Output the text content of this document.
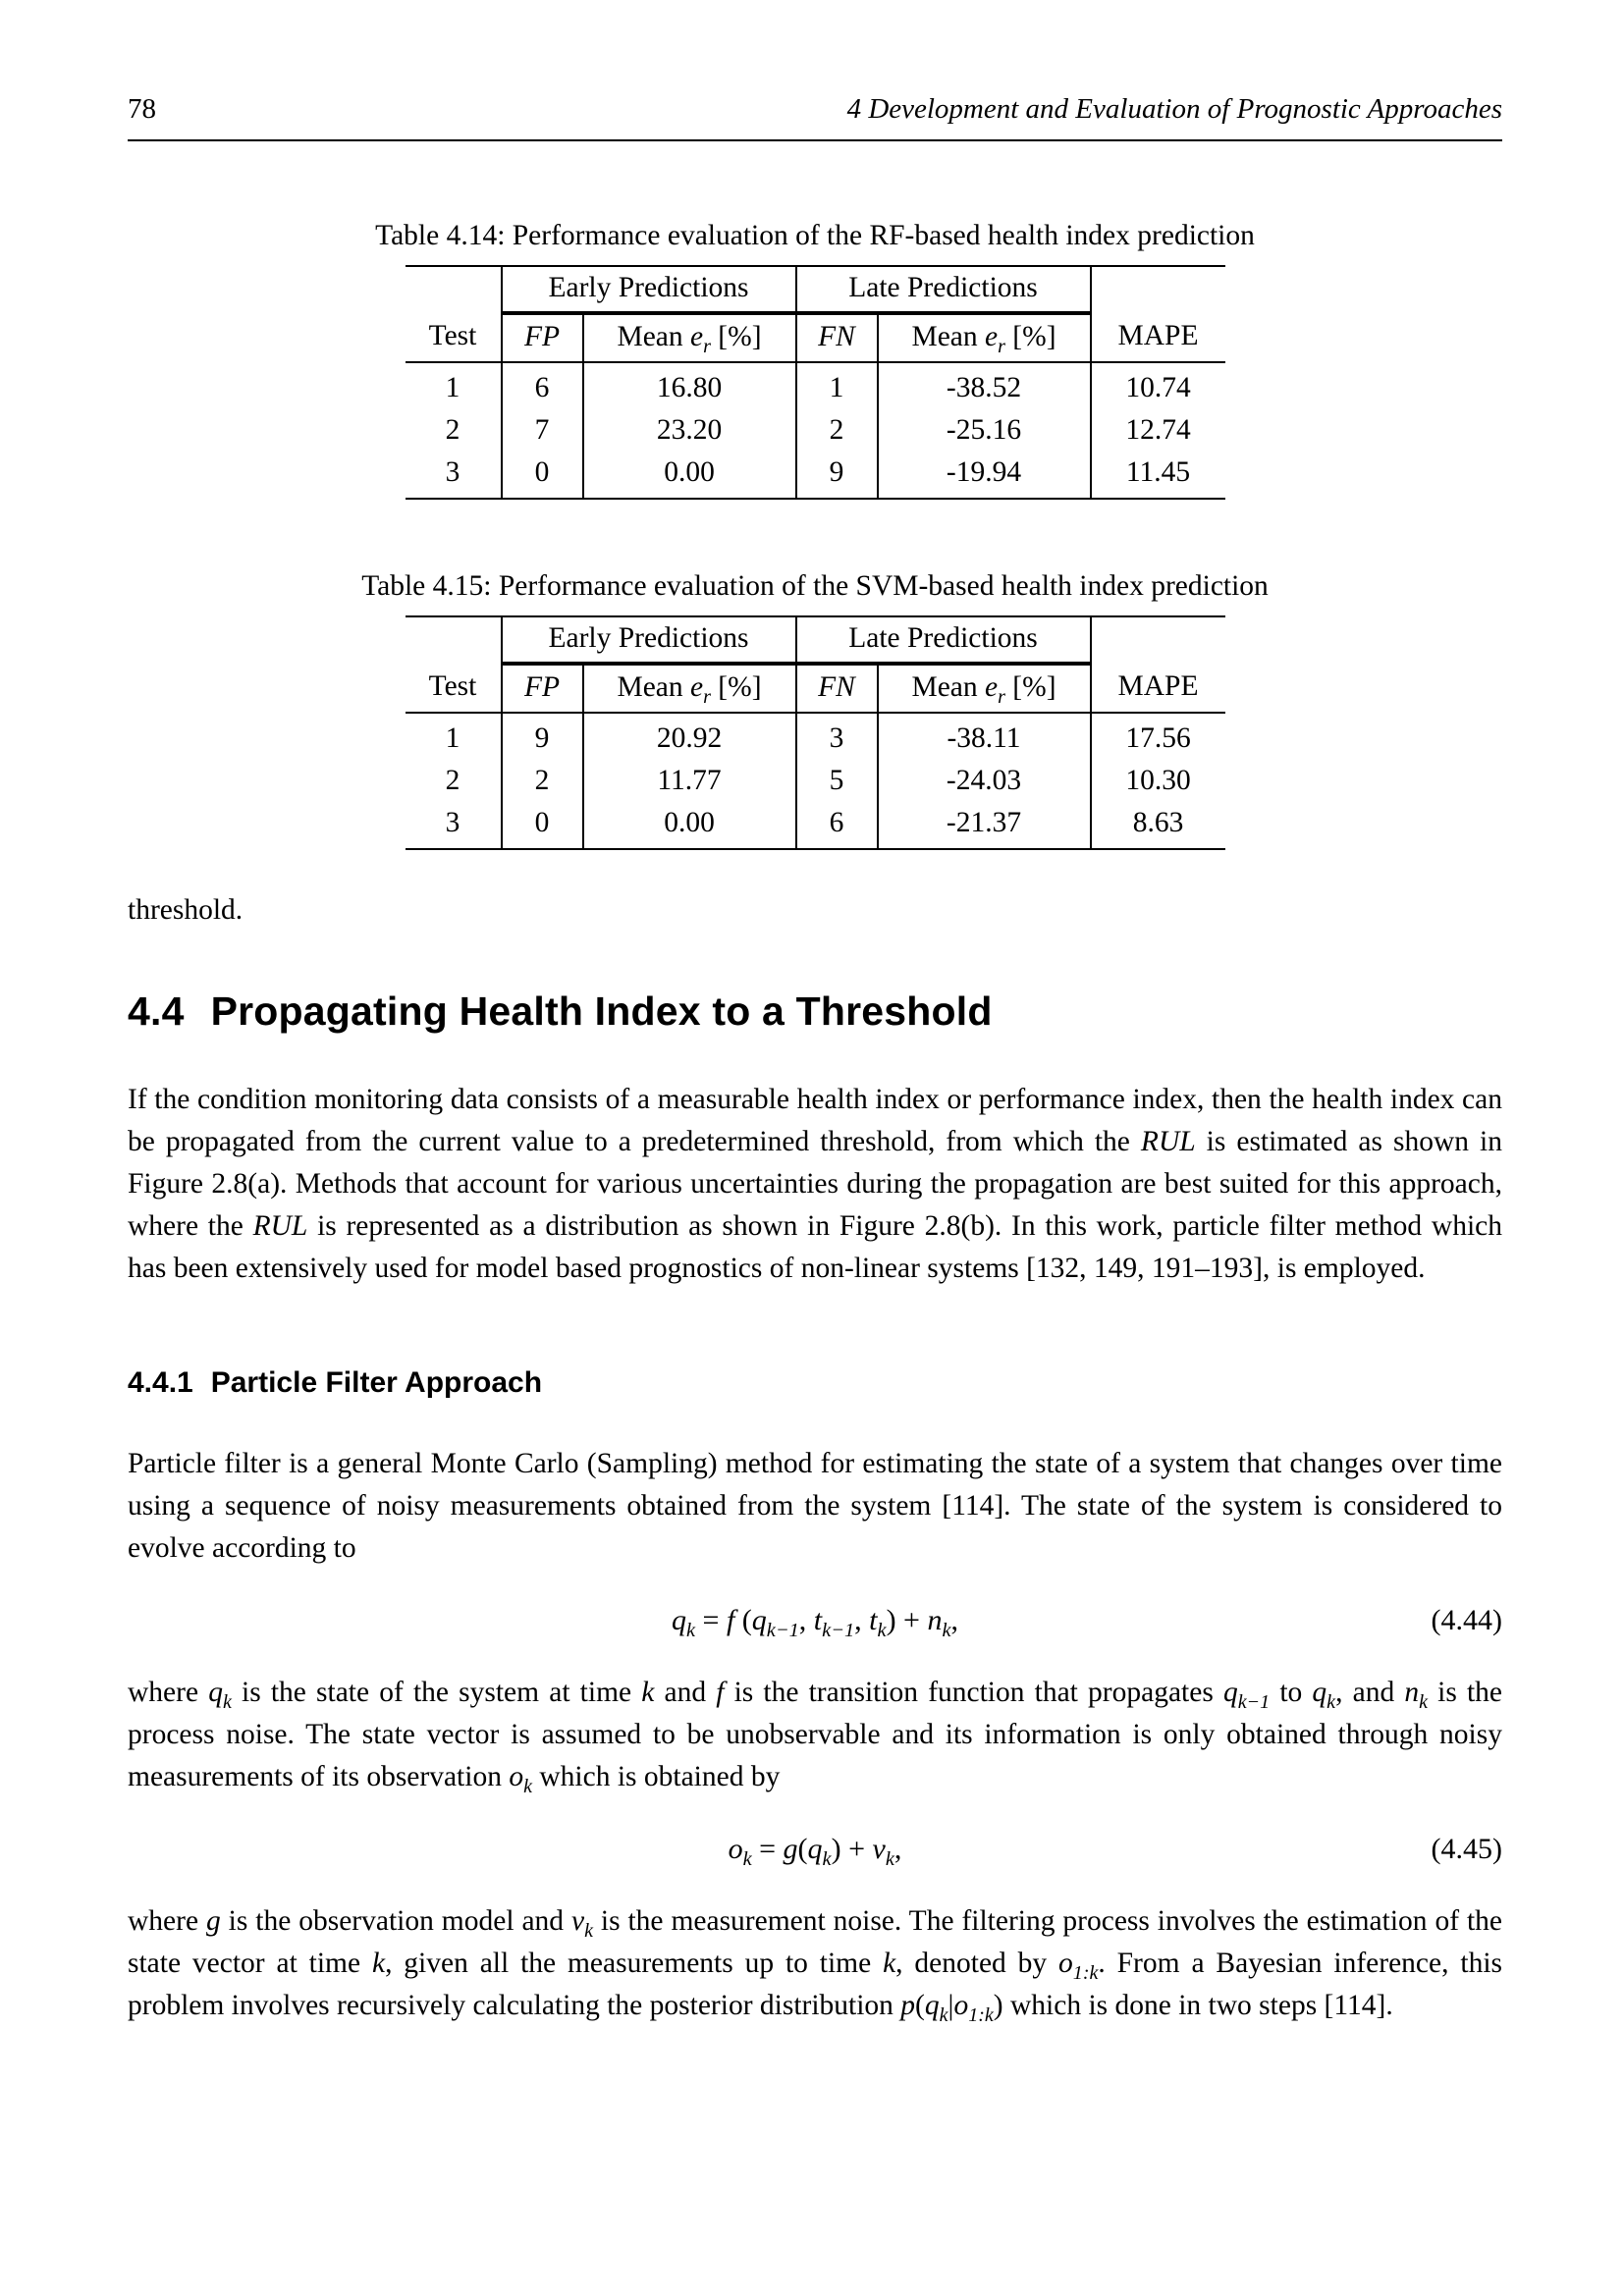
78	4 Development and Evaluation of Prognostic Approaches
Table 4.14: Performance evaluation of the RF-based health index prediction
	Early Predictions		Late Predictions		
Test	FP	Mean $e_r$ [%]	FN	Mean $e_r$ [%]	MAPE
1	6	16.80	1	-38.52	10.74
2	7	23.20	2	-25.16	12.74
3	0	0.00	9	-19.94	11.45
Table 4.15: Performance evaluation of the SVM-based health index prediction
	Early Predictions		Late Predictions		
Test	FP	Mean $e_r$ [%]	FN	Mean $e_r$ [%]	MAPE
1	9	20.92	3	-38.11	17.56
2	2	11.77	5	-24.03	10.30
3	0	0.00	6	-21.37	8.63

threshold.

4.4 Propagating Health Index to a Threshold

If the condition monitoring data consists of a measurable health index or performance index, then the health index can be propagated from the current value to a predetermined threshold, from which the RUL is estimated as shown in Figure 2.8(a). Methods that account for various uncertainties during the propagation are best suited for this approach, where the RUL is represented as a distribution as shown in Figure 2.8(b). In this work, particle filter method which has been extensively used for model based prognostics of non-linear systems [132, 149, 191–193], is employed.

4.4.1 Particle Filter Approach

Particle filter is a general Monte Carlo (Sampling) method for estimating the state of a system that changes over time using a sequence of noisy measurements obtained from the system [114]. The state of the system is considered to evolve according to

$q_k = f$ ($q_{k-1}$, $t_{k-1}$, $t_k) + n_k$,	(4.44)

where $q_k$ is the state of the system at time k and f is the transition function that propagates $q_{k-1}$ to $q_k$, and $n_k$ is the process noise. The state vector is assumed to be unobservable and its information is only obtained through noisy measurements of its observation $o_k$ which is obtained by

$o_k = g(q_k) + \nu_k$,	(4.45)

where g is the observation model and $\nu_k$ is the measurement noise. The filtering process involves the estimation of the state vector at time k, given all the measurements up to time k, denoted by $o_{1:k}$. From a Bayesian inference, this problem involves recursively calculating the posterior distribution $p(q_k|o_{1:k})$ which is done in two steps [114].
